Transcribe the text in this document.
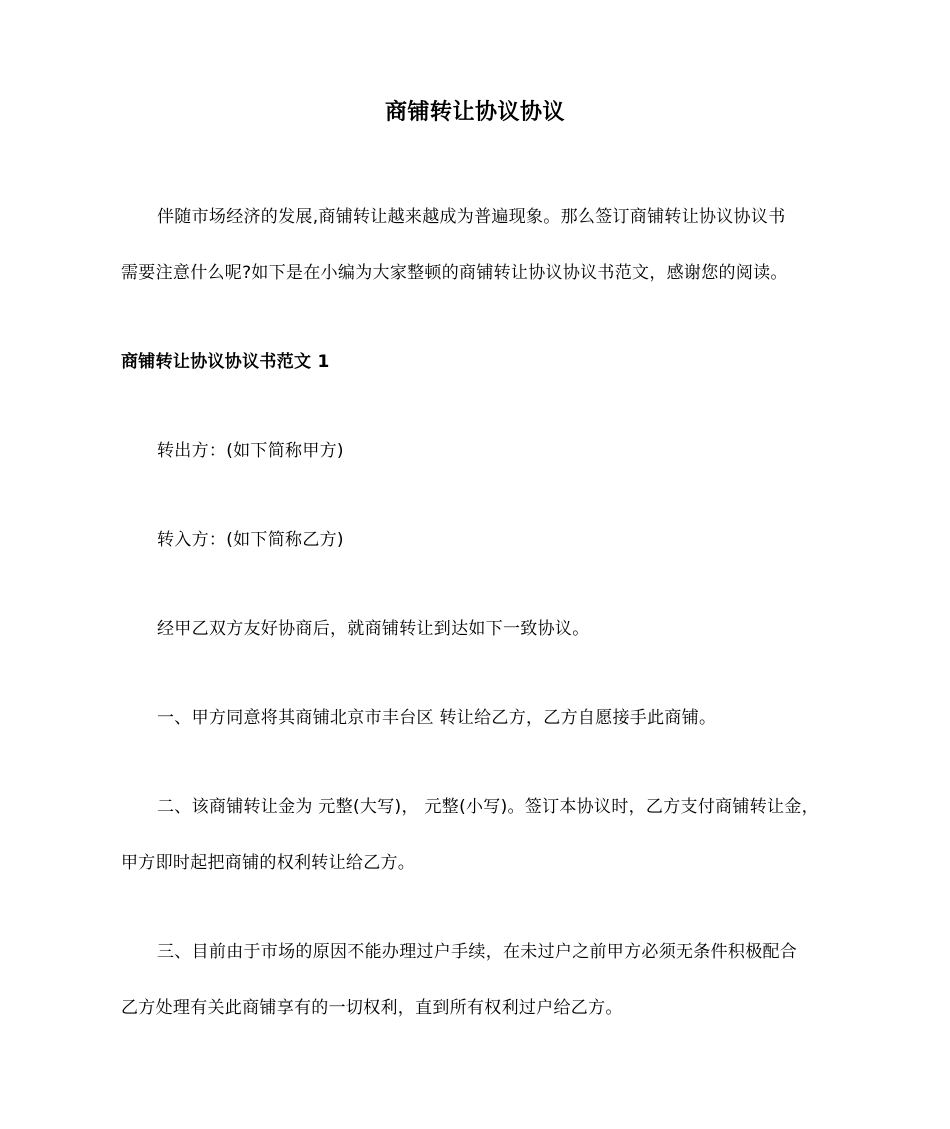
商铺转让协议协议
伴随市场经济的发展,商铺转让越来越成为普遍现象。那么签订商铺转让协议协议书
需要注意什么呢?如下是在小编为大家整顿的商铺转让协议协议书范文，感谢您的阅读。
商铺转让协议协议书范文 1
转出方：(如下简称甲方)
转入方：(如下简称乙方)
经甲乙双方友好协商后，就商铺转让到达如下一致协议。
一、甲方同意将其商铺北京市丰台区 转让给乙方，乙方自愿接手此商铺。
二、该商铺转让金为 元整(大写)， 元整(小写)。签订本协议时，乙方支付商铺转让金，
甲方即时起把商铺的权利转让给乙方。
三、目前由于市场的原因不能办理过户手续，在未过户之前甲方必须无条件积极配合
乙方处理有关此商铺享有的一切权利，直到所有权利过户给乙方。
